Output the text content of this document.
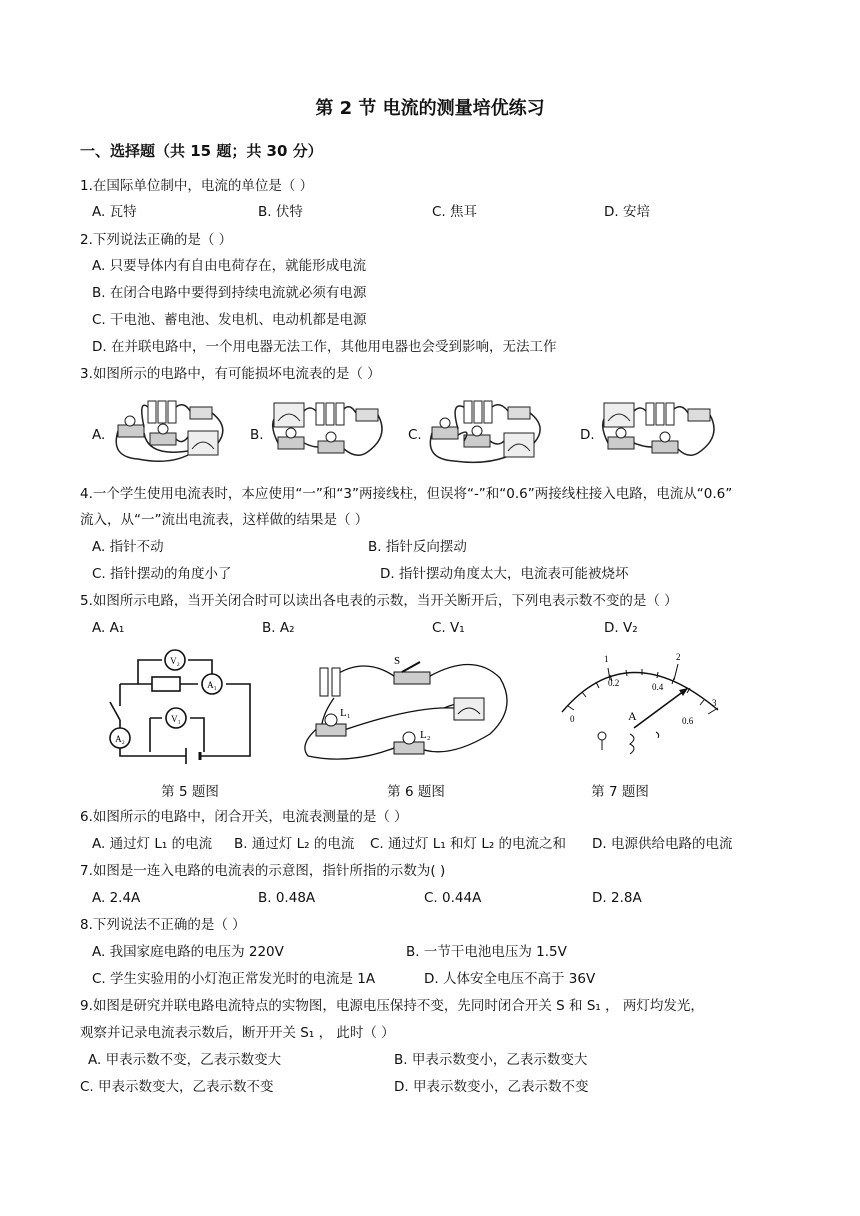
第 2 节 电流的测量培优练习
一、选择题（共 15 题；共 30 分）
1.在国际单位制中，电流的单位是（ ）
A. 瓦特	B. 伏特	C. 焦耳	D. 安培
2.下列说法正确的是（ ）
A. 只要导体内有自由电荷存在，就能形成电流
B. 在闭合电路中要得到持续电流就必须有电源
C. 干电池、蓄电池、发电机、电动机都是电源
D. 在并联电路中，一个用电器无法工作，其他用电器也会受到影响，无法工作
3.如图所示的电路中，有可能损坏电流表的是（ ）
A.	B.	C.	D.
4.一个学生使用电流表时，本应使用“一”和“3”两接线柱，但误将“-”和“0.6”两接线柱接入电路，电流从“0.6”
流入，从“一”流出电流表，这样做的结果是（ ）
A. 指针不动	B. 指针反向摆动
C. 指针摆动的角度小了	D. 指针摆动角度太大，电流表可能被烧坏
5.如图所示电路，当开关闭合时可以读出各电表的示数，当开关断开后，下列电表示数不变的是（ ）
A. A₁	B. A₂	C. V₁	D. V₂
V₂
A₁
V₁
A₂
第 5 题图
S
L₁
L₂
第 6 题图
0
0.2	0.4
0.6
1	2
3
A
第 7 题图
6.如图所示的电路中，闭合开关，电流表测量的是（ ）
A. 通过灯 L₁ 的电流 B. 通过灯 L₂ 的电流 C. 通过灯 L₁ 和灯 L₂ 的电流之和 D. 电源供给电路的电流
7.如图是一连入电路的电流表的示意图，指针所指的示数为( )
A. 2.4A	B. 0.48A	C. 0.44A	D. 2.8A
8.下列说法不正确的是（ ）
A. 我国家庭电路的电压为 220V	B. 一节干电池电压为 1.5V
C. 学生实验用的小灯泡正常发光时的电流是 1A	D. 人体安全电压不高于 36V
9.如图是研究并联电路电流特点的实物图，电源电压保持不变，先同时闭合开关 S 和 S₁ ， 两灯均发光，
观察并记录电流表示数后，断开开关 S₁ ， 此时（ ）
A. 甲表示数不变，乙表示数变大	B. 甲表示数变小，乙表示数变大
C. 甲表示数变大，乙表示数不变	D. 甲表示数变小，乙表示数不变
